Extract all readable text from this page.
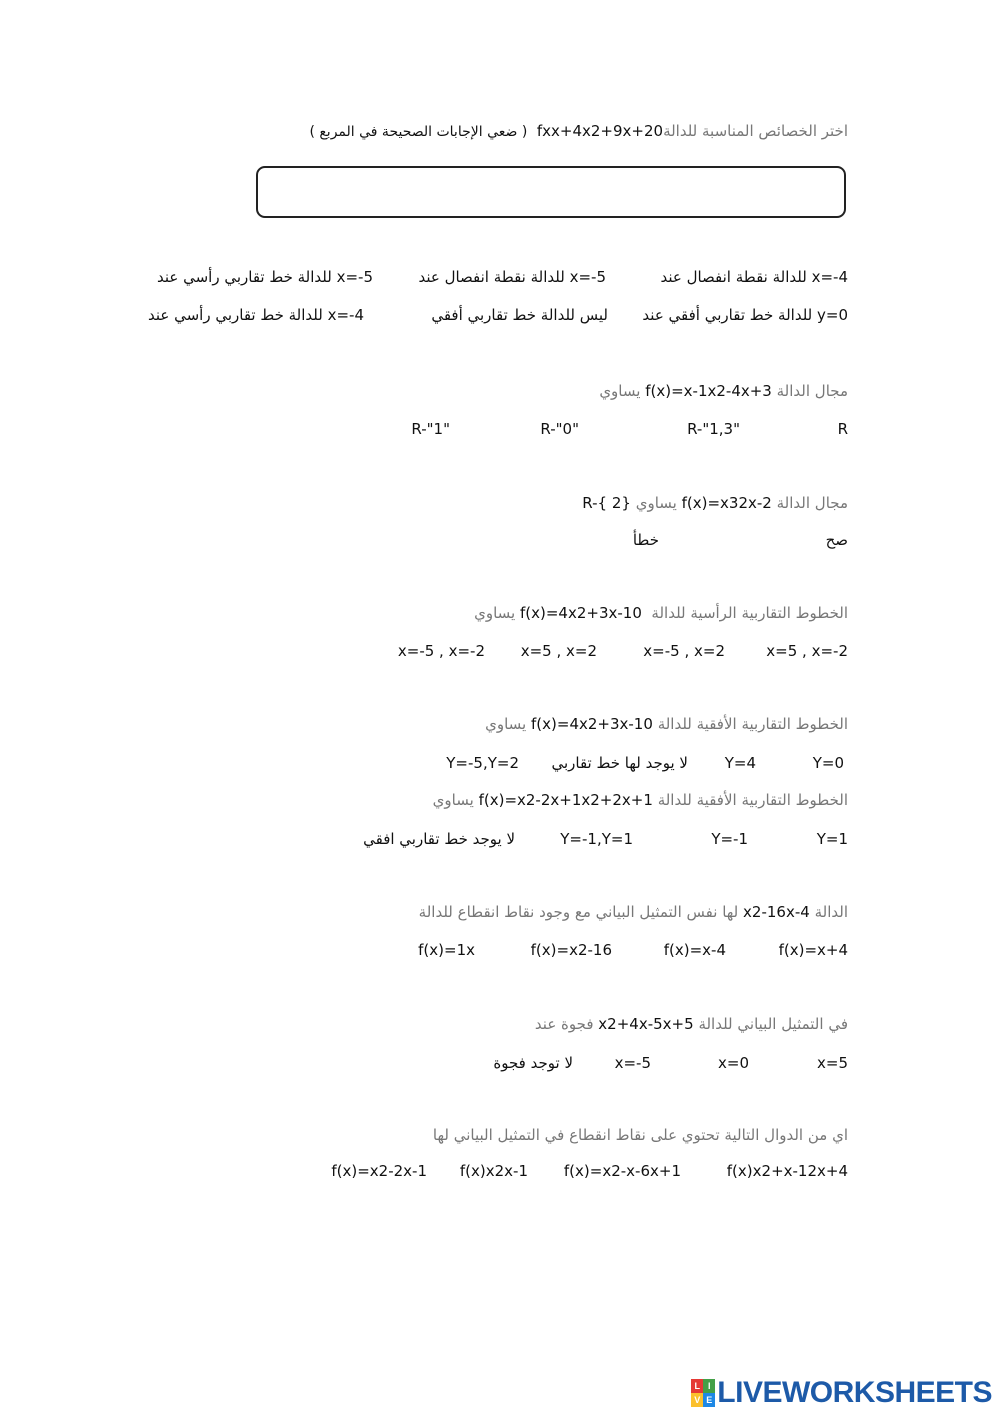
اختر الخصائص المناسبة للدالةfxx+4x2+9x+20  ( ضعي الإجابات الصحيحة في المربع )
للدالة نقطة انفصال عند x=-4
للدالة نقطة انفصال عند x=-5
للدالة خط تقاربي رأسي عند x=-5
للدالة خط تقاربي أفقي عند y=0
ليس للدالة خط تقاربي أفقي
للدالة خط تقاربي رأسي عند x=-4
مجال الدالة f(x)=x-1x2-4x+3 يساوي
R
R-"1,3"
R-"0"
R-"1"
مجال الدالة f(x)=x32x-2 يساوي R-{ 2}
صح
خطأ
الخطوط التقاربية الرأسية للدالة  f(x)=4x2+3x-10 يساوي
x=5 , x=-2
x=-5 , x=2
x=5 , x=2
x=-5 , x=-2
الخطوط التقاربية الأفقية للدالة f(x)=4x2+3x-10 يساوي
Y=0
Y=4
لا يوجد لها خط تقاربي
Y=-5,Y=2
الخطوط التقاربية الأفقية للدالة f(x)=x2-2x+1x2+2x+1 يساوي
Y=1
Y=-1
Y=-1,Y=1
لا يوجد خط تقاربي افقي
الدالة x2-16x-4 لها نفس التمثيل البياني مع وجود نقاط انقطاع للدالة
f(x)=x+4
f(x)=x-4
f(x)=x2-16
f(x)=1x
في التمثيل البياني للدالة x2+4x-5x+5 فجوة عند
x=5
x=0
x=-5
لا توجد فجوة
اي من الدوال التالية تحتوي على نقاط انقطاع في التمثيل البياني لها
f(x)x2+x-12x+4
f(x)=x2-x-6x+1
f(x)x2x-1
f(x)=x2-2x-1
L I
V E LIVEWORKSHEETS
